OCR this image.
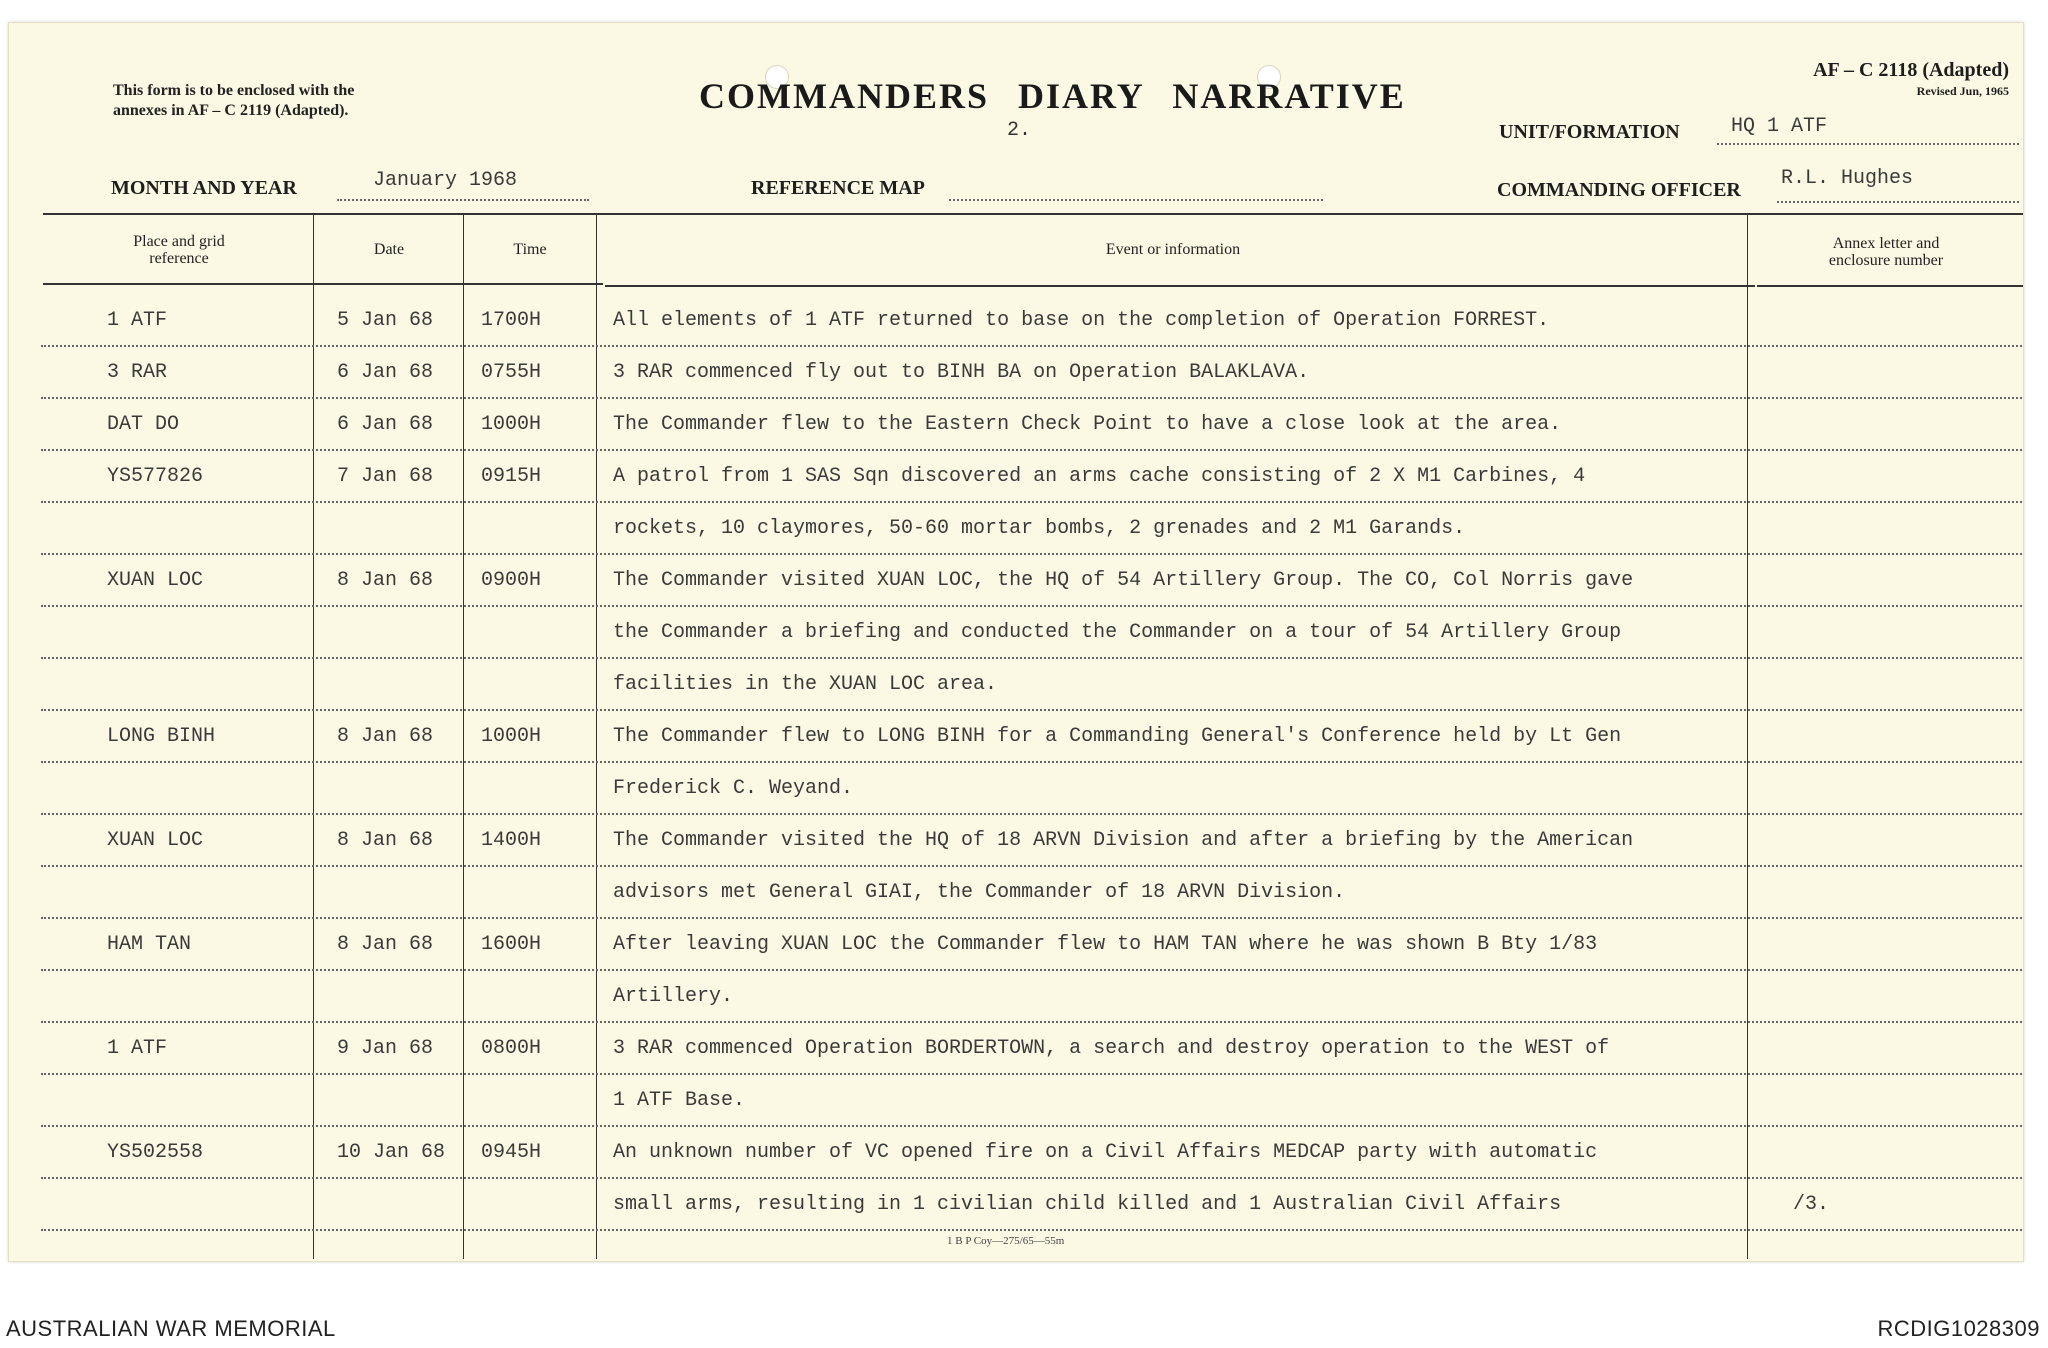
This form is to be enclosed with the
annexes in AF – C 2119 (Adapted).	COMMANDERS DIARY NARRATIVE
2.
AF – C 2118 (Adapted)
Revised Jun, 1965
UNIT/FORMATION	HQ 1 ATF
MONTH AND YEAR	January 1968	REFERENCE MAP	COMMANDING OFFICER R.L. Hughes
Place and grid
reference
Date	Time	Event or information	Annex letter and
enclosure number
1 ATF	5 Jan 68 1700H	All elements of 1 ATF returned to base on the completion of Operation FORREST.
3 RAR	6 Jan 68 0755H	3 RAR commenced fly out to BINH BA on Operation BALAKLAVA.
DAT DO	6 Jan 68 1000H	The Commander flew to the Eastern Check Point to have a close look at the area.
YS577826	7 Jan 68 0915H	A patrol from 1 SAS Sqn discovered an arms cache consisting of 2 X M1 Carbines, 4
rockets, 10 claymores, 50-60 mortar bombs, 2 grenades and 2 M1 Garands.
XUAN LOC	8 Jan 68 0900H	The Commander visited XUAN LOC, the HQ of 54 Artillery Group. The CO, Col Norris gave
the Commander a briefing and conducted the Commander on a tour of 54 Artillery Group
facilities in the XUAN LOC area.
LONG BINH	8 Jan 68 1000H	The Commander flew to LONG BINH for a Commanding General's Conference held by Lt Gen
Frederick C. Weyand.
XUAN LOC	8 Jan 68 1400H	The Commander visited the HQ of 18 ARVN Division and after a briefing by the American
advisors met General GIAI, the Commander of 18 ARVN Division.
HAM TAN	8 Jan 68 1600H	After leaving XUAN LOC the Commander flew to HAM TAN where he was shown B Bty 1/83
Artillery.
1 ATF	9 Jan 68 0800H	3 RAR commenced Operation BORDERTOWN, a search and destroy operation to the WEST of
1 ATF Base.
YS502558	10 Jan 68 0945H	An unknown number of VC opened fire on a Civil Affairs MEDCAP party with automatic
small arms, resulting in 1 civilian child killed and 1 Australian Civil Affairs	/3.
1 B P Coy—275/65—55m
AUSTRALIAN WAR MEMORIAL	RCDIG1028309
